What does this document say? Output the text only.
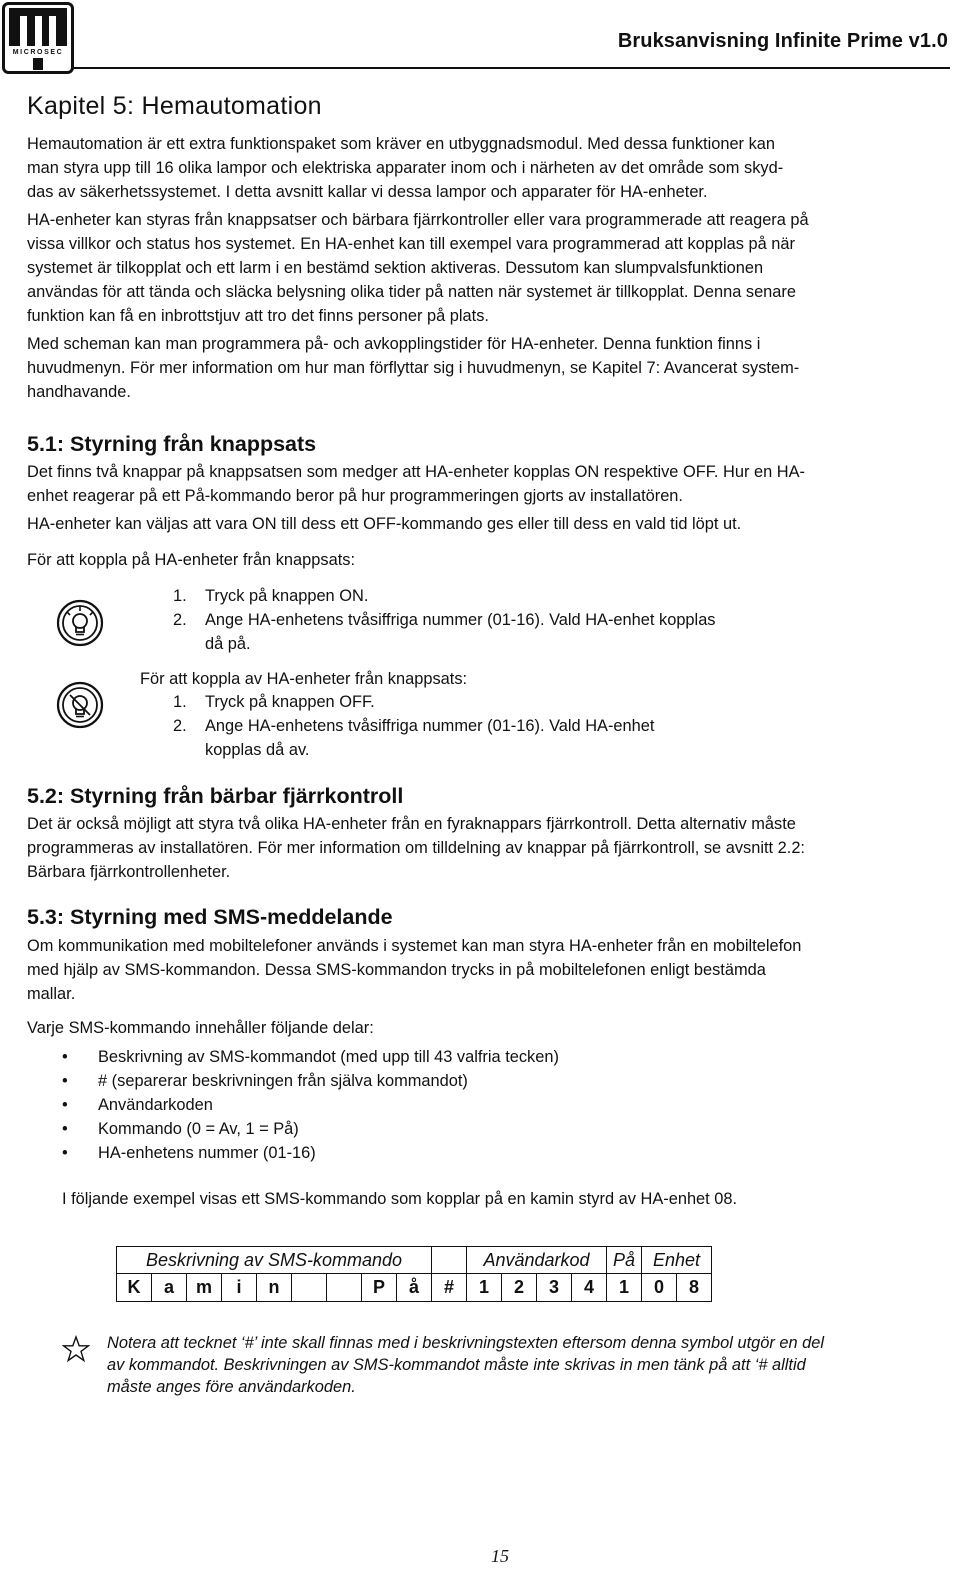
MICROSEC
Bruksanvisning Infinite Prime v1.0
Kapitel 5: Hemautomation
Hemautomation är ett extra funktionspaket som kräver en utbyggnadsmodul. Med dessa funktioner kan
man styra upp till 16 olika lampor och elektriska apparater inom och i närheten av det område som skyd-
das av säkerhetssystemet. I detta avsnitt kallar vi dessa lampor och apparater för HA-enheter.
HA-enheter kan styras från knappsatser och bärbara fjärrkontroller eller vara programmerade att reagera på
vissa villkor och status hos systemet. En HA-enhet kan till exempel vara programmerad att kopplas på när
systemet är tilkopplat och ett larm i en bestämd sektion aktiveras. Dessutom kan slumpvalsfunktionen
användas för att tända och släcka belysning olika tider på natten när systemet är tillkopplat. Denna senare
funktion kan få en inbrottstjuv att tro det finns personer på plats.
Med scheman kan man programmera på- och avkopplingstider för HA-enheter. Denna funktion finns i
huvudmenyn. För mer information om hur man förflyttar sig i huvudmenyn, se Kapitel 7: Avancerat system-
handhavande.
5.1: Styrning från knappsats
Det finns två knappar på knappsatsen som medger att HA-enheter kopplas ON respektive OFF. Hur en HA-
enhet reagerar på ett På-kommando beror på hur programmeringen gjorts av installatören.
HA-enheter kan väljas att vara ON till dess ett OFF-kommando ges eller till dess en vald tid löpt ut.
För att koppla på HA-enheter från knappsats:
1. Tryck på knappen ON.
2. Ange HA-enhetens tvåsiffriga nummer (01-16). Vald HA-enhet kopplas
då på.
För att koppla av HA-enheter från knappsats:
1. Tryck på knappen OFF.
2. Ange HA-enhetens tvåsiffriga nummer (01-16). Vald HA-enhet
kopplas då av.
5.2: Styrning från bärbar fjärrkontroll
Det är också möjligt att styra två olika HA-enheter från en fyraknappars fjärrkontroll. Detta alternativ måste
programmeras av installatören. För mer information om tilldelning av knappar på fjärrkontroll, se avsnitt 2.2:
Bärbara fjärrkontrollenheter.
5.3: Styrning med SMS-meddelande
Om kommunikation med mobiltelefoner används i systemet kan man styra HA-enheter från en mobiltelefon
med hjälp av SMS-kommandon. Dessa SMS-kommandon trycks in på mobiltelefonen enligt bestämda
mallar.
Varje SMS-kommando innehåller följande delar:
• Beskrivning av SMS-kommandot (med upp till 43 valfria tecken)
• # (separerar beskrivningen från själva kommandot)
• Användarkoden
• Kommando (0 = Av, 1 = På)
• HA-enhetens nummer (01-16)
I följande exempel visas ett SMS-kommando som kopplar på en kamin styrd av HA-enhet 08.
Beskrivning av SMS-kommando										Användarkod				På	Enhet	
K	a	m	i	n			P	å	#	1	2	3	4	1	0	8
Notera att tecknet ‘#’ inte skall finnas med i beskrivningstexten eftersom denna symbol utgör en del
av kommandot. Beskrivningen av SMS-kommandot måste inte skrivas in men tänk på att ‘# alltid
måste anges före användarkoden.
15
